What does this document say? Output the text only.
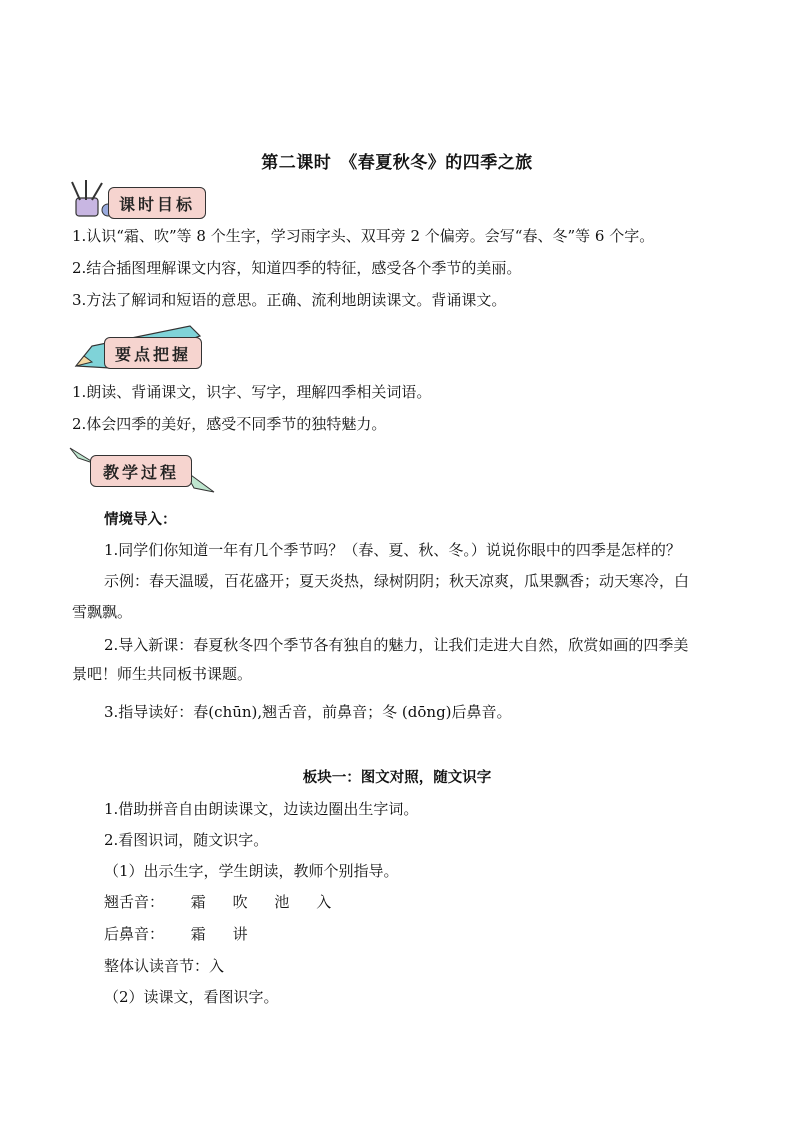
第二课时　《春夏秋冬》的四季之旅
课时目标
1.认识“霜、吹”等 8 个生字，学习雨字头、双耳旁 2 个偏旁。会写“春、冬”等 6 个字。
2.结合插图理解课文内容，知道四季的特征，感受各个季节的美丽。
3.方法了解词和短语的意思。正确、流利地朗读课文。背诵课文。
要点把握
1.朗读、背诵课文，识字、写字，理解四季相关词语。
2.体会四季的美好，感受不同季节的独特魅力。
教学过程
情境导入：
1.同学们你知道一年有几个季节吗？（春、夏、秋、冬。）说说你眼中的四季是怎样的？
示例：春天温暖，百花盛开；夏天炎热，绿树阴阴；秋天凉爽，瓜果飘香；动天寒冷，白
雪飘飘。
2.导入新课：春夏秋冬四个季节各有独自的魅力，让我们走进大自然，欣赏如画的四季美
景吧！师生共同板书课题。
3.指导读好：春(chūn),翘舌音，前鼻音；冬 (dōng)后鼻音。
板块一：图文对照，随文识字
1.借助拼音自由朗读课文，边读边圈出生字词。
2.看图识词，随文识字。
（1）出示生字，学生朗读，教师个别指导。
翘舌音： 霜 吹 池 入
后鼻音： 霜 讲
整体认读音节：入
（2）读课文，看图识字。
